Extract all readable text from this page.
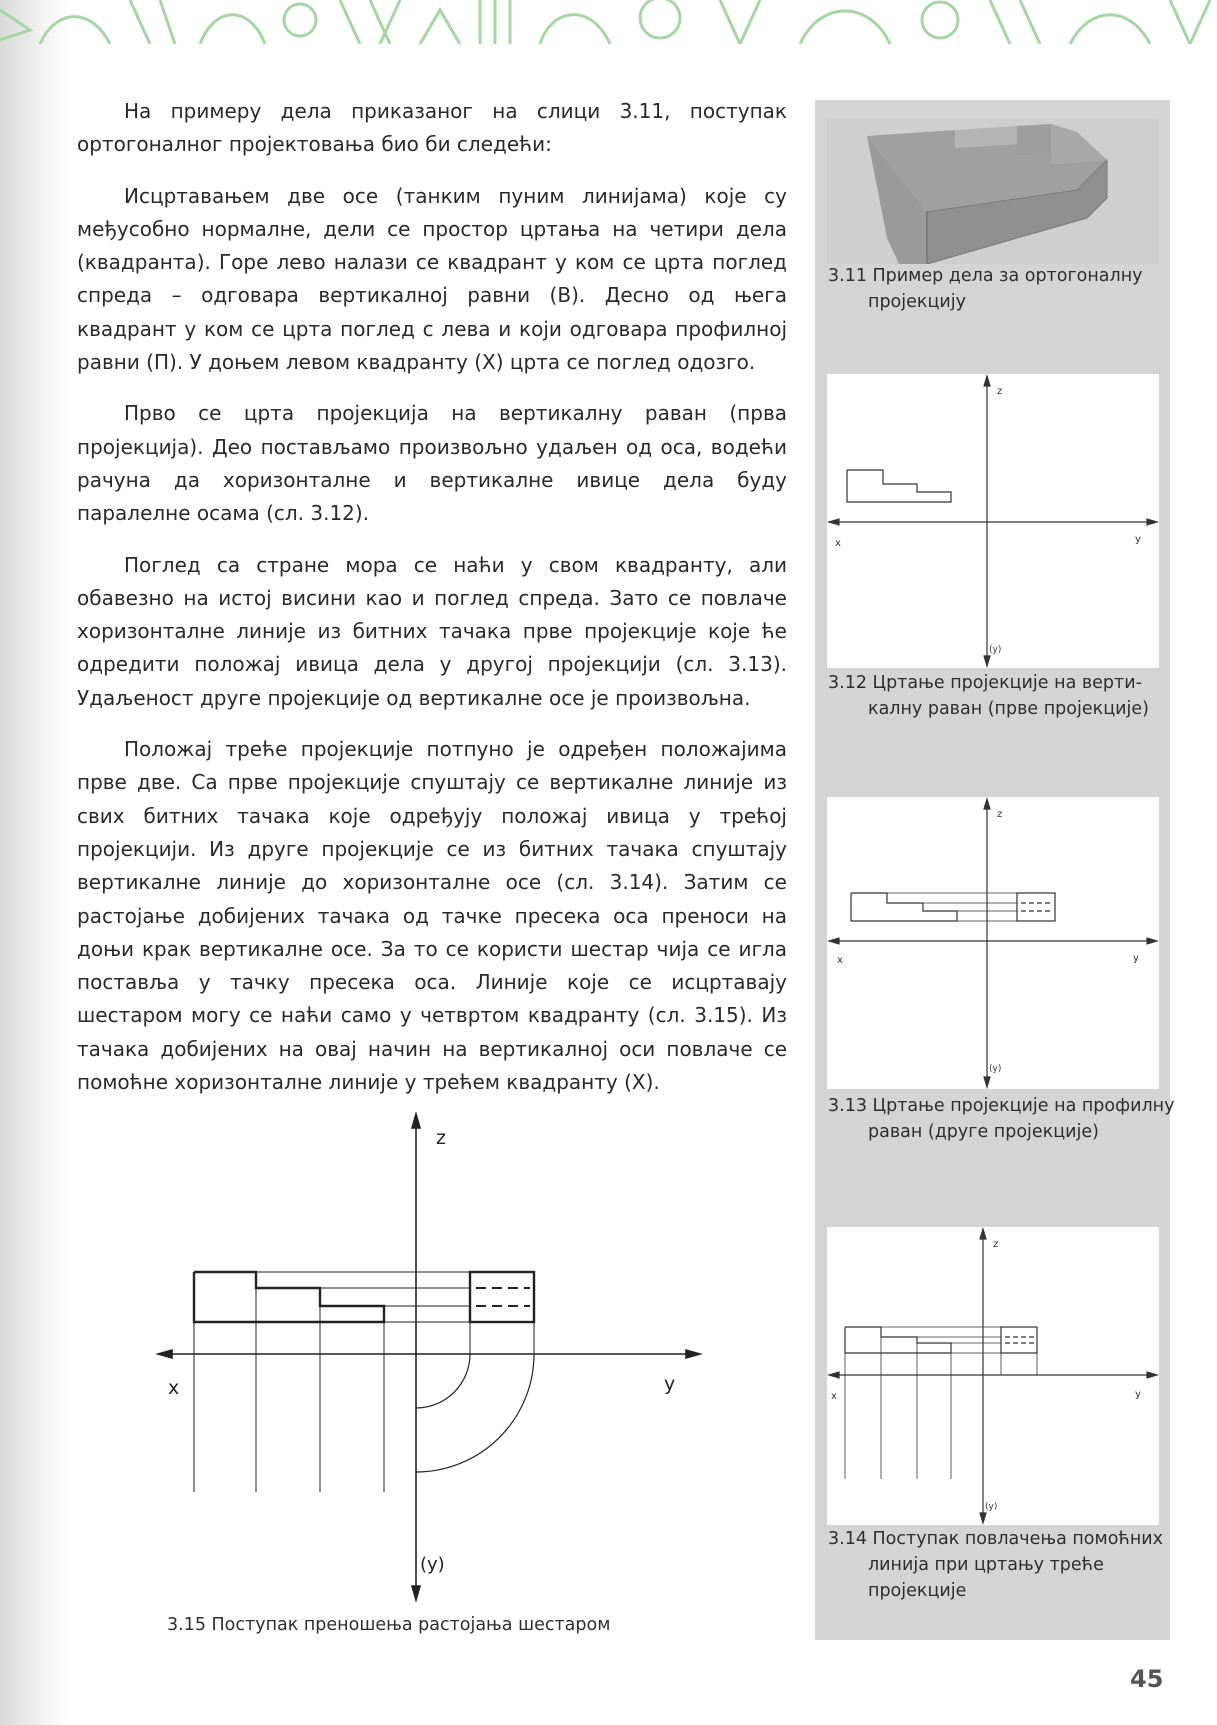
На примеру дела приказаног на слици 3.11, поступак ортогоналног пројектовања био би следећи:

Исцртавањем две осе (танким пуним линијама) које су међусобно нормалне, дели се простор цртања на четири дела (квадранта). Горе лево налази се квадрант у ком се црта поглед спреда – одговара вертикалној равни (В). Десно од њега квадрант у ком се црта поглед с лева и који одговара профилној равни (П). У доњем левом квадранту (Х) црта се поглед одозго.

Прво се црта пројекција на вертикалну раван (прва пројекција). Део постављамо произвољно удаљен од оса, водећи рачуна да хоризонталне и вертикалне ивице дела буду паралелне осама (сл. 3.12).

Поглед са стране мора се наћи у свом квадранту, али обавезно на истој висини као и поглед спреда. Зато се повлаче хоризонталне линије из битних тачака прве пројекције које ће одредити положај ивица дела у другој пројекцији (сл. 3.13). Удаљеност друге пројекције од вертикалне осе је произвољна.

Положај треће пројекције потпуно је одређен положајима прве две. Са прве пројекције спуштају се вертикалне линије из свих битних тачака које одређују положај ивица у трећој пројекцији. Из друге пројекције се из битних тачака спуштају вертикалне линије до хоризонталне осе (сл. 3.14). Затим се растојање добијених тачака од тачке пресека оса преноси на доњи крак вертикалне осе. За то се користи шестар чија се игла поставља у тачку пресека оса. Линије које се исцртавају шестаром могу се наћи само у четвртом квадранту (сл. 3.15). Из тачака добијених на овај начин на вертикалној оси повлаче се помоћне хоризонталне линије у трећем квадранту (Х).

3.11 Пример дела за ортогоналну
пројекцију
z
x	y
(y)
3.12 Цртање пројекције на верти-
калну раван (прве пројекције)
z
x	y
(y)
3.13 Цртање пројекције на профилну
раван (друге пројекције)
z
x	y
(y)
3.14 Поступак повлачења помоћних
линија при цртању треће
пројекције
z
x	y
(y)
3.15 Поступак преношења растојања шестаром
45
